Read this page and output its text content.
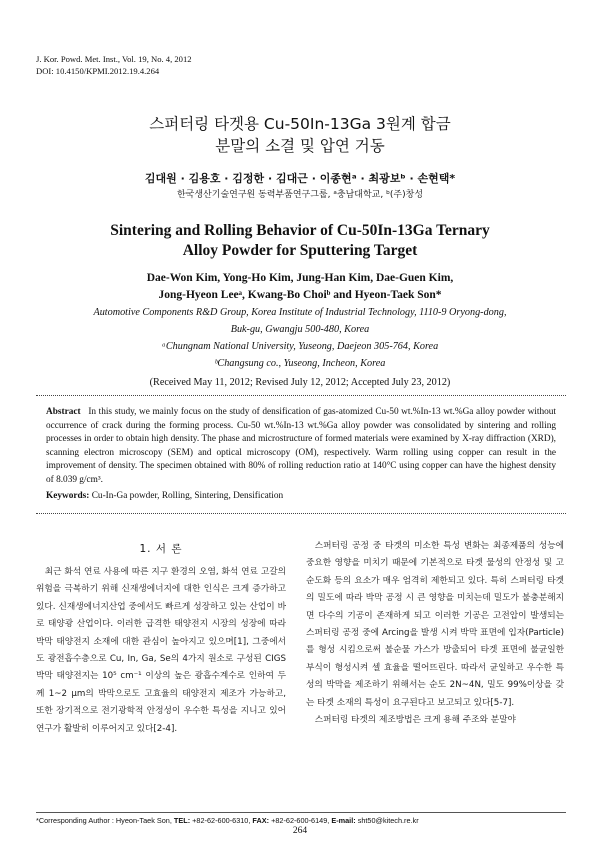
J. Kor. Powd. Met. Inst., Vol. 19, No. 4, 2012
DOI: 10.4150/KPMI.2012.19.4.264
스퍼터링 타겟용 Cu-50In-13Ga 3원계 합금
분말의 소결 및 압연 거동
김대원 · 김용호 · 김정한 · 김대근 · 이종현ᵃ · 최광보ᵇ · 손현택*
한국생산기술연구원 동력부품연구그룹, ᵃ충남대학교, ᵇ(주)창성
Sintering and Rolling Behavior of Cu-50In-13Ga Ternary
Alloy Powder for Sputtering Target
Dae-Won Kim, Yong-Ho Kim, Jung-Han Kim, Dae-Guen Kim,
Jong-Hyeon Leeᵃ, Kwang-Bo Choiᵇ and Hyeon-Taek Son*
Automotive Components R&D Group, Korea Institute of Industrial Technology, 1110-9 Oryong-dong,
Buk-gu, Gwangju 500-480, Korea
ᵃChungnam National University, Yuseong, Daejeon 305-764, Korea
ᵇChangsung co., Yuseong, Incheon, Korea
(Received May 11, 2012; Revised July 12, 2012; Accepted July 23, 2012)
Abstract In this study, we mainly focus on the study of densification of gas-atomized Cu-50 wt.%In-13 wt.%Ga alloy powder without occurrence of crack during the forming process. Cu-50 wt.%In-13 wt.%Ga alloy powder was consolidated by sintering and rolling processes in order to obtain high density. The phase and microstructure of formed materials were examined by X-ray diffraction (XRD), scanning electron microscopy (SEM) and optical microscopy (OM), respectively. Warm rolling using copper can result in the improvement of density. The specimen obtained with 80% of rolling reduction ratio at 140°C using copper can have the highest density of 8.039 g/cm³.
Keywords: Cu-In-Ga powder, Rolling, Sintering, Densification
1. 서 론

최근 화석 연료 사용에 따른 지구 환경의 오염, 화석 연료 고갈의 위험을 극복하기 위해 신재생에너지에 대한 인식은 크게 증가하고 있다. 신재생에너지산업 중에서도 빠르게 성장하고 있는 산업이 바로 태양광 산업이다. 이러한 급격한 태양전지 시장의 성장에 따라 박막 태양전지 소재에 대한 관심이 높아지고 있으며[1], 그중에서도 광전흡수층으로 Cu, In, Ga, Se의 4가지 원소로 구성된 CIGS 박막 태양전지는 10⁵ cm⁻¹ 이상의 높은 광흡수계수로 인하여 두께 1~2 μm의 박막으로도 고효율의 태양전지 제조가 가능하고, 또한 장기적으로 전기광학적 안정성이 우수한 특성을 지니고 있어 연구가 활발히 이루어지고 있다[2-4].

스퍼터링 공정 중 타겟의 미소한 특성 변화는 최종제품의 성능에 중요한 영향을 미치기 때문에 기본적으로 타겟 물성의 안정성 및 고순도화 등의 요소가 매우 엄격히 제한되고 있다. 특히 스퍼터링 타겟의 밀도에 따라 박막 공정 시 큰 영향을 미치는데 밀도가 불충분해지면 다수의 기공이 존재하게 되고 이러한 기공은 고전압이 발생되는 스퍼터링 공정 중에 Arcing을 발생 시켜 박막 표면에 입자(Particle)를 형성 시킴으로써 불순물 가스가 방출되어 타겟 표면에 불균일한 부식이 형성시켜 셀 효율을 떨어뜨린다. 따라서 균일하고 우수한 특성의 박막을 제조하기 위해서는 순도 2N~4N, 밀도 99%이상을 갖는 타겟 소재의 특성이 요구된다고 보고되고 있다[5-7].

스퍼터링 타겟의 제조방법은 크게 용해 주조와 분말야

*Corresponding Author : Hyeon-Taek Son, TEL: +82-62-600-6310, FAX: +82-62-600-6149, E-mail: sht50@kitech.re.kr
264
